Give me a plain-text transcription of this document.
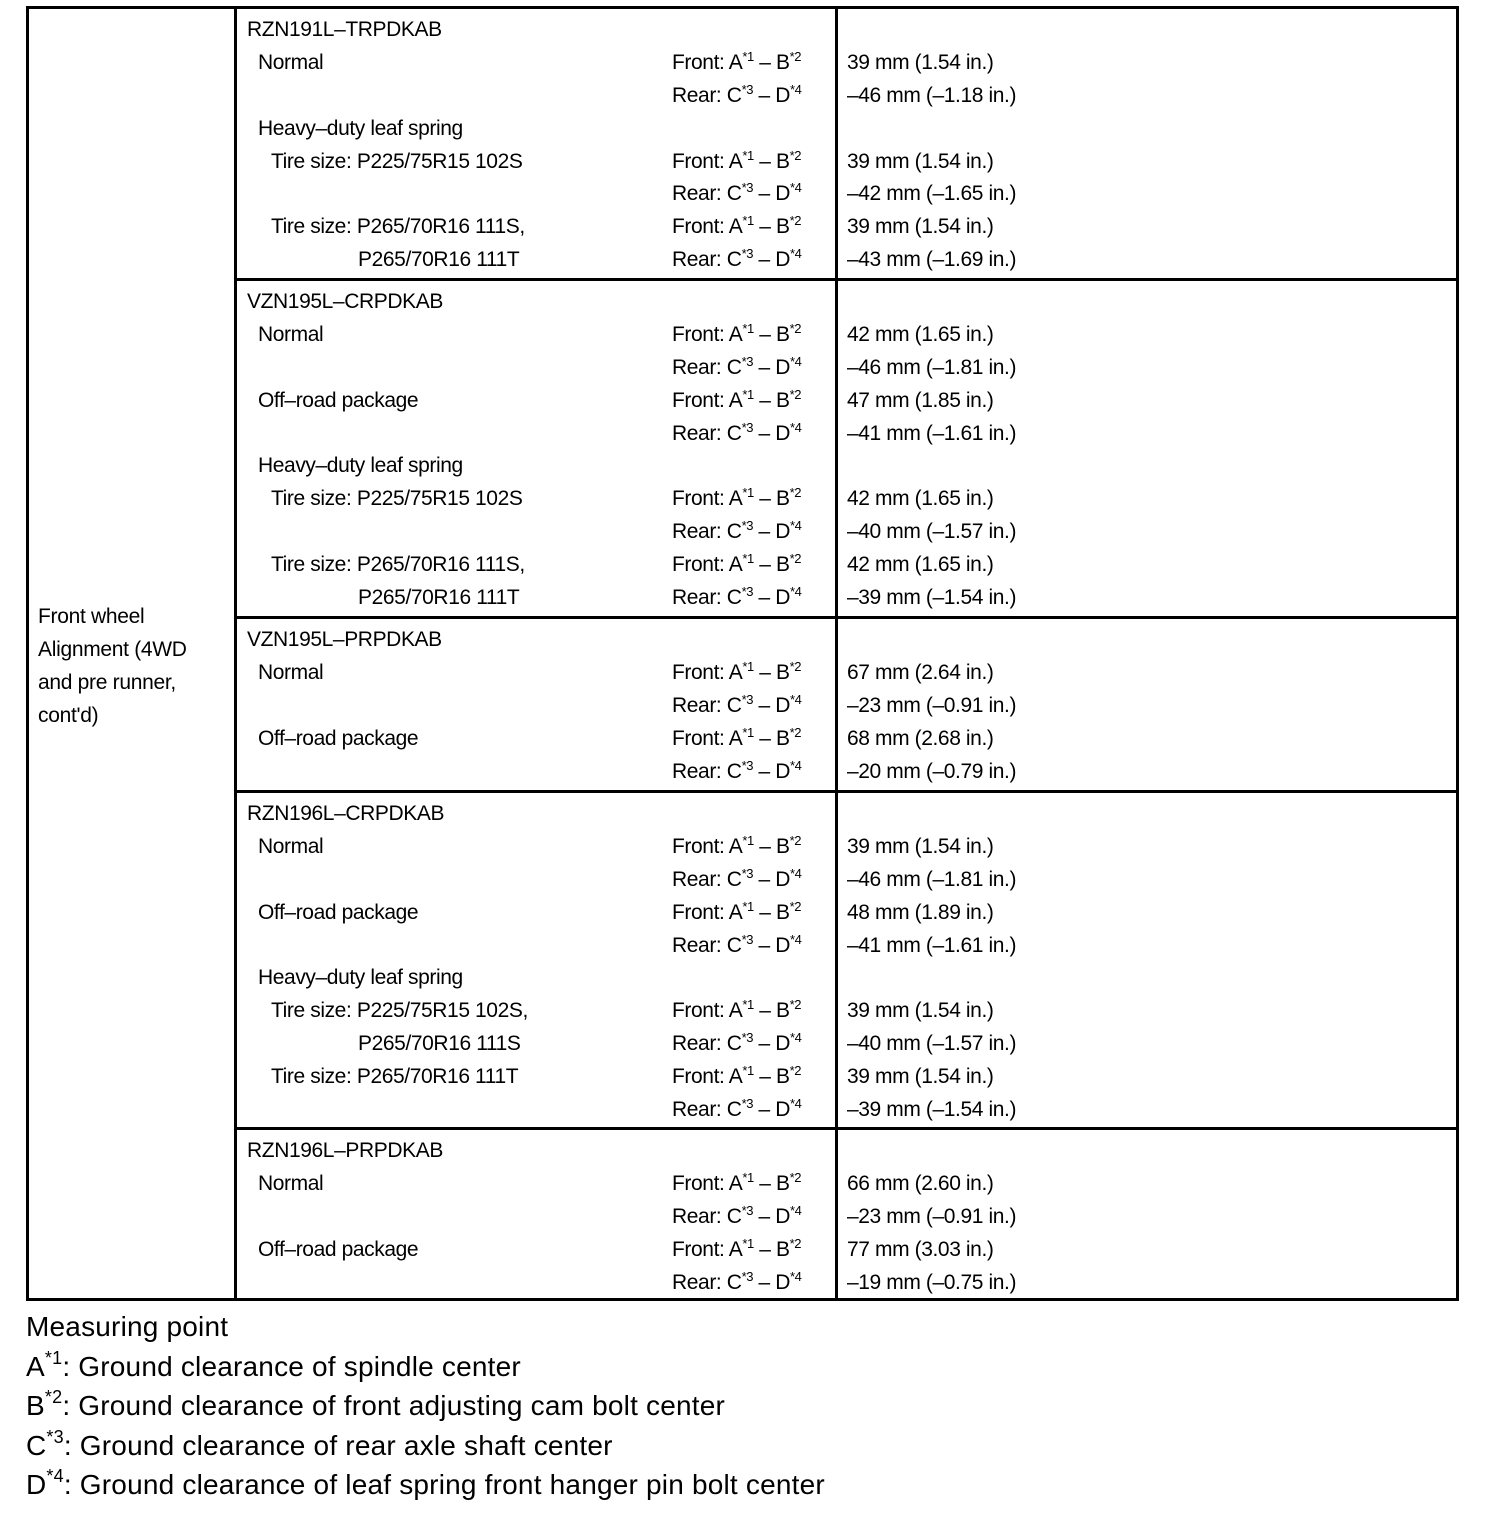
Front wheel
Alignment (4WD
and pre runner,
cont'd)
RZN191L–TRPDKAB
Normal	Front: $A^{*1} - B^{*2}$ 39 mm (1.54 in.)
Rear: $C^{*3} - D^{*4}$ –46 mm (–1.18 in.)
Heavy–duty leaf spring
Tire size: P225/75R15 102S	Front: $A^{*1} - B^{*2}$ 39 mm (1.54 in.)
Rear: $C^{*3} - D^{*4}$ –42 mm (–1.65 in.)
Tire size: P265/70R16 111S,	Front: $A^{*1} - B^{*2}$ 39 mm (1.54 in.)
P265/70R16 111T	Rear: $C^{*3} - D^{*4}$ –43 mm (–1.69 in.)
VZN195L–CRPDKAB
Normal	Front: $A^{*1} - B^{*2}$ 42 mm (1.65 in.)
Rear: $C^{*3} - D^{*4}$ –46 mm (–1.81 in.)
Off–road package	Front: $A^{*1} - B^{*2}$ 47 mm (1.85 in.)
Rear: $C^{*3} - D^{*4}$ –41 mm (–1.61 in.)
Heavy–duty leaf spring
Tire size: P225/75R15 102S	Front: $A^{*1} - B^{*2}$ 42 mm (1.65 in.)
Rear: $C^{*3} - D^{*4}$ –40 mm (–1.57 in.)
Tire size: P265/70R16 111S,	Front: $A^{*1} - B^{*2}$ 42 mm (1.65 in.)
P265/70R16 111T	Rear: $C^{*3} - D^{*4}$ –39 mm (–1.54 in.)
VZN195L–PRPDKAB
Normal	Front: $A^{*1} - B^{*2}$ 67 mm (2.64 in.)
Rear: $C^{*3} - D^{*4}$ –23 mm (–0.91 in.)
Off–road package	Front: $A^{*1} - B^{*2}$ 68 mm (2.68 in.)
Rear: $C^{*3} - D^{*4}$ –20 mm (–0.79 in.)
RZN196L–CRPDKAB
Normal	Front: $A^{*1} - B^{*2}$ 39 mm (1.54 in.)
Rear: $C^{*3} - D^{*4}$ –46 mm (–1.81 in.)
Off–road package	Front: $A^{*1} - B^{*2}$ 48 mm (1.89 in.)
Rear: $C^{*3} - D^{*4}$ –41 mm (–1.61 in.)
Heavy–duty leaf spring
Tire size: P225/75R15 102S,	Front: $A^{*1} - B^{*2}$ 39 mm (1.54 in.)
P265/70R16 111S	Rear: $C^{*3} - D^{*4}$ –40 mm (–1.57 in.)
Tire size: P265/70R16 111T	Front: $A^{*1} - B^{*2}$ 39 mm (1.54 in.)
Rear: $C^{*3} - D^{*4}$ –39 mm (–1.54 in.)
RZN196L–PRPDKAB
Normal	Front: $A^{*1} - B^{*2}$ 66 mm (2.60 in.)
Rear: $C^{*3} - D^{*4}$ –23 mm (–0.91 in.)
Off–road package	Front: $A^{*1} - B^{*2}$ 77 mm (3.03 in.)
Rear: $C^{*3} - D^{*4}$ –19 mm (–0.75 in.)
Measuring point
$A^{*1}$: Ground clearance of spindle center
$B^{*2}$: Ground clearance of front adjusting cam bolt center
$C^{*3}$: Ground clearance of rear axle shaft center
$D^{*4}$: Ground clearance of leaf spring front hanger pin bolt center
